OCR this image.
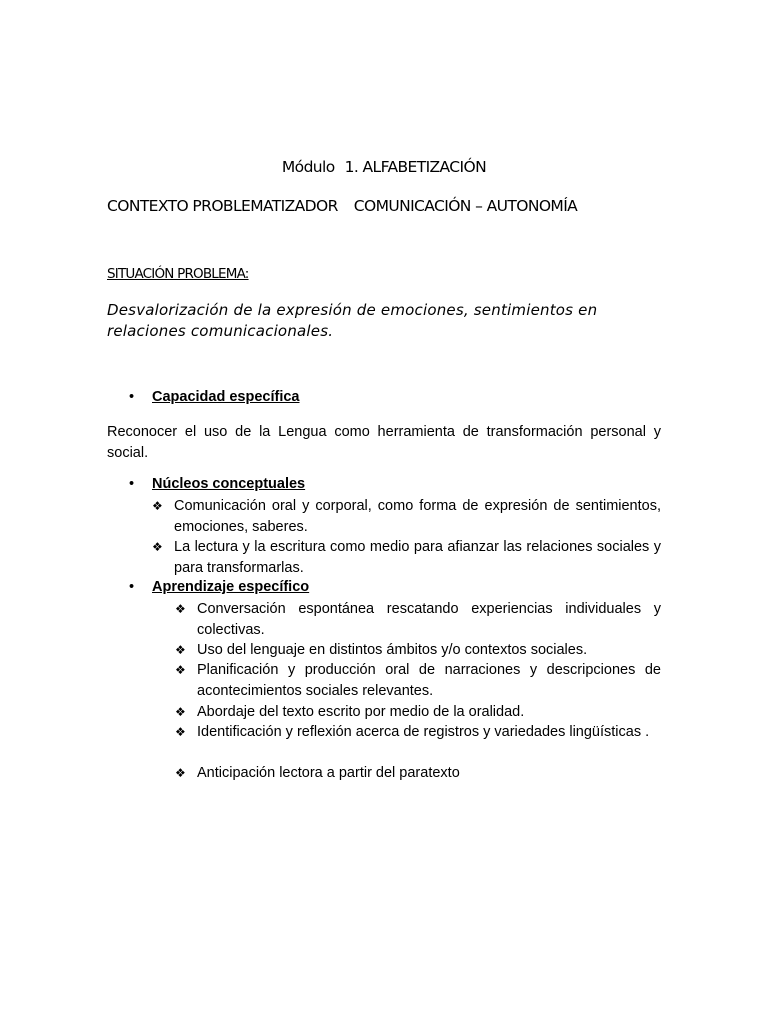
Módulo 1. ALFABETIZACIÓN
CONTEXTO PROBLEMATIZADOR COMUNICACIÓN – AUTONOMÍA
SITUACIÓN PROBLEMA:
Desvalorización de la expresión de emociones, sentimientos en relaciones comunicacionales.
• Capacidad específica
Reconocer el uso de la Lengua como herramienta de transformación personal y social.
• Núcleos conceptuales
❖ Comunicación oral y corporal, como forma de expresión de sentimientos, emociones, saberes.
❖ La lectura y la escritura como medio para afianzar las relaciones sociales y para transformarlas.
• Aprendizaje específico
❖ Conversación espontánea rescatando experiencias individuales y colectivas.
❖ Uso del lenguaje en distintos ámbitos y/o contextos sociales.
❖ Planificación y producción oral de narraciones y descripciones de acontecimientos sociales relevantes.
❖ Abordaje del texto escrito por medio de la oralidad.
❖ Identificación y reflexión acerca de registros y variedades lingüísticas .
❖ Anticipación lectora a partir del paratexto
